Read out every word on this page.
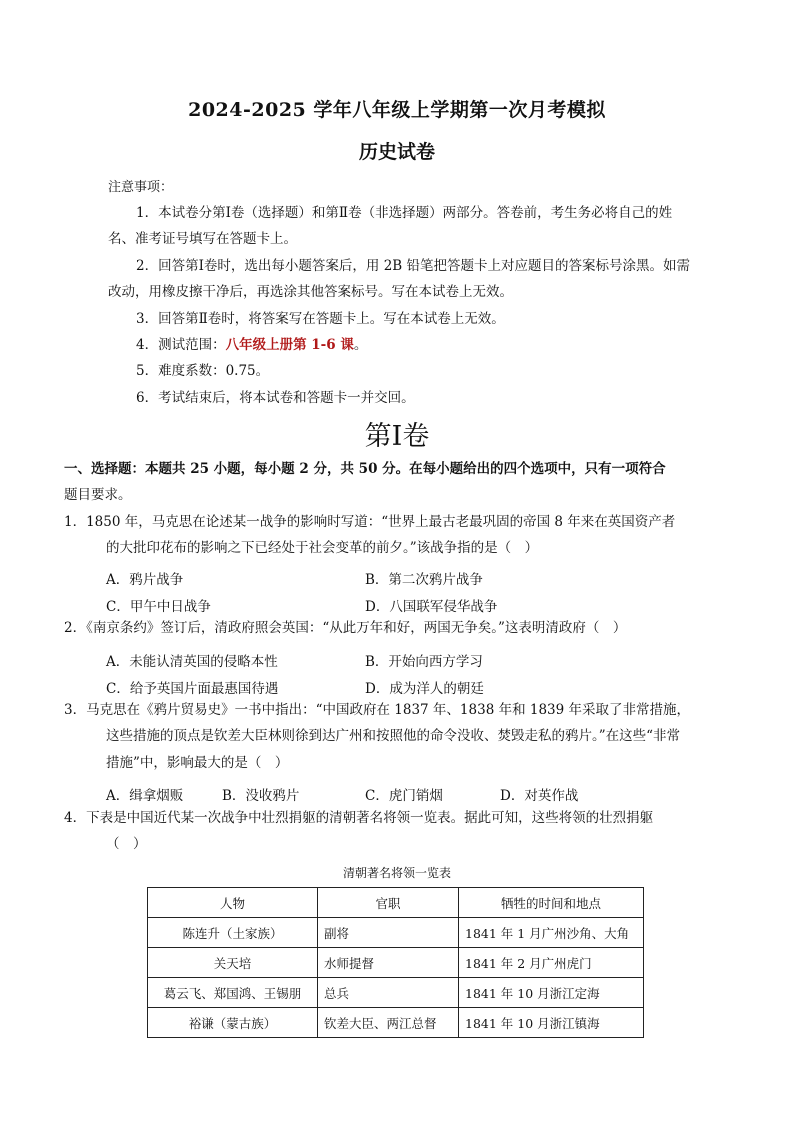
2024-2025 学年八年级上学期第一次月考模拟
历史试卷
注意事项：
1．本试卷分第Ⅰ卷（选择题）和第Ⅱ卷（非选择题）两部分。答卷前，考生务必将自己的姓
名、准考证号填写在答题卡上。
2．回答第Ⅰ卷时，选出每小题答案后，用 2B 铅笔把答题卡上对应题目的答案标号涂黑。如需
改动，用橡皮擦干净后，再选涂其他答案标号。写在本试卷上无效。
3．回答第Ⅱ卷时，将答案写在答题卡上。写在本试卷上无效。
4．测试范围：八年级上册第 1-6 课。
5．难度系数：0.75。
6．考试结束后，将本试卷和答题卡一并交回。
第Ⅰ卷
一、选择题：本题共 25 小题，每小题 2 分，共 50 分。在每小题给出的四个选项中，只有一项符合
题目要求。
1．1850 年，马克思在论述某一战争的影响时写道：“世界上最古老最巩固的帝国 8 年来在英国资产者
的大批印花布的影响之下已经处于社会变革的前夕。”该战争指的是（　）
A．鸦片战争	B．第二次鸦片战争
C．甲午中日战争	D．八国联军侵华战争
2．《南京条约》签订后，清政府照会英国：“从此万年和好，两国无争矣。”这表明清政府（　）
A．未能认清英国的侵略本性	B．开始向西方学习
C．给予英国片面最惠国待遇	D．成为洋人的朝廷
3．马克思在《鸦片贸易史》一书中指出：“中国政府在 1837 年、1838 年和 1839 年采取了非常措施，
这些措施的顶点是钦差大臣林则徐到达广州和按照他的命令没收、焚毁走私的鸦片。”在这些“非常
措施”中，影响最大的是（　）
A．缉拿烟贩	B．没收鸦片	C．虎门销烟	D．对英作战
4．下表是中国近代某一次战争中壮烈捐躯的清朝著名将领一览表。据此可知，这些将领的壮烈捐躯
（　）
清朝著名将领一览表
人物	官职	牺牲的时间和地点
陈连升（土家族）	副将	1841 年 1 月广州沙角、大角
关天培	水师提督	1841 年 2 月广州虎门
葛云飞、郑国鸿、王锡朋	总兵	1841 年 10 月浙江定海
裕谦（蒙古族）	钦差大臣、两江总督	1841 年 10 月浙江镇海
